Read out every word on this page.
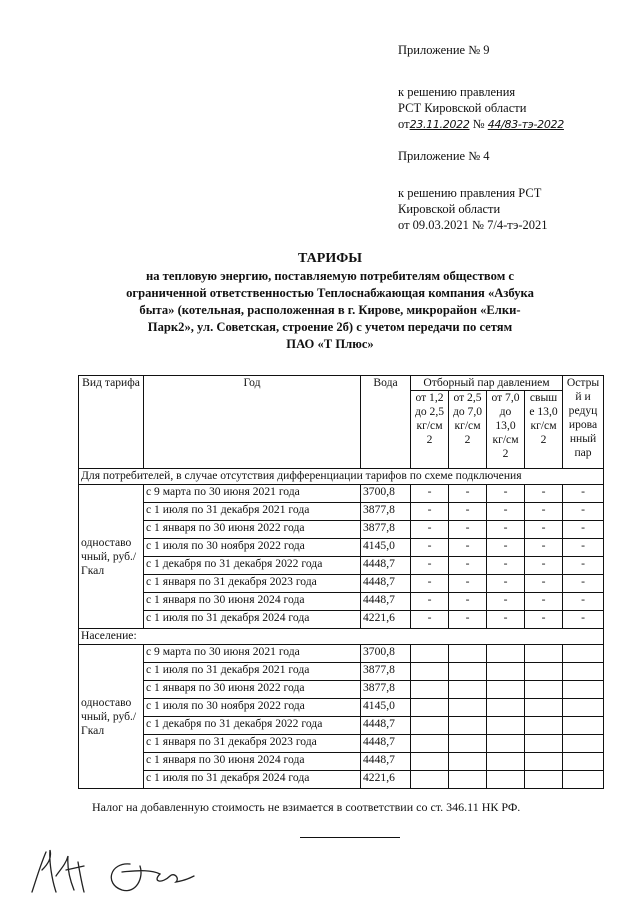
Приложение № 9
к решению правления
РСТ Кировской области
от23.11.2022 № 44/83-тэ-2022
Приложение № 4
к решению правления РСТ
Кировской области
от 09.03.2021 № 7/4-тэ-2021
ТАРИФЫ
на тепловую энергию, поставляемую потребителям обществом с
ограниченной ответственностью Теплоснабжающая компания «Азбука
быта» (котельная, расположенная в г. Кирове, микрорайон «Елки-
Парк2», ул. Советская, строение 2б) с учетом передачи по сетям
ПАО «Т Плюс»
Вид тарифа	Год	Вода	Отборный пар давлением				Остры й и редуц ирова нный пар
			от 1,2 до 2,5 кг/см 2	от 2,5 до 7,0 кг/см 2	от 7,0 до 13,0 кг/см 2	свыш е 13,0 кг/см 2	
Для потребителей, в случае отсутствия дифференциации тарифов по схеме подключения							
одноставо чный, руб./Гкал	с 9 марта по 30 июня 2021 года	3700,8	-	-	-	-	-
	с 1 июля по 31 декабря 2021 года	3877,8	-	-	-	-	-
	с 1 января по 30 июня 2022 года	3877,8	-	-	-	-	-
	с 1 июля по 30 ноября 2022 года	4145,0	-	-	-	-	-
	с 1 декабря по 31 декабря 2022 года	4448,7	-	-	-	-	-
	с 1 января по 31 декабря 2023 года	4448,7	-	-	-	-	-
	с 1 января по 30 июня 2024 года	4448,7	-	-	-	-	-
	с 1 июля по 31 декабря 2024 года	4221,6	-	-	-	-	-
Население:							
одноставо чный, руб./Гкал	с 9 марта по 30 июня 2021 года	3700,8					
	с 1 июля по 31 декабря 2021 года	3877,8					
	с 1 января по 30 июня 2022 года	3877,8					
	с 1 июля по 30 ноября 2022 года	4145,0					
	с 1 декабря по 31 декабря 2022 года	4448,7					
	с 1 января по 31 декабря 2023 года	4448,7					
	с 1 января по 30 июня 2024 года	4448,7					
	с 1 июля по 31 декабря 2024 года	4221,6					
Налог на добавленную стоимость не взимается в соответствии со ст. 346.11 НК РФ.
